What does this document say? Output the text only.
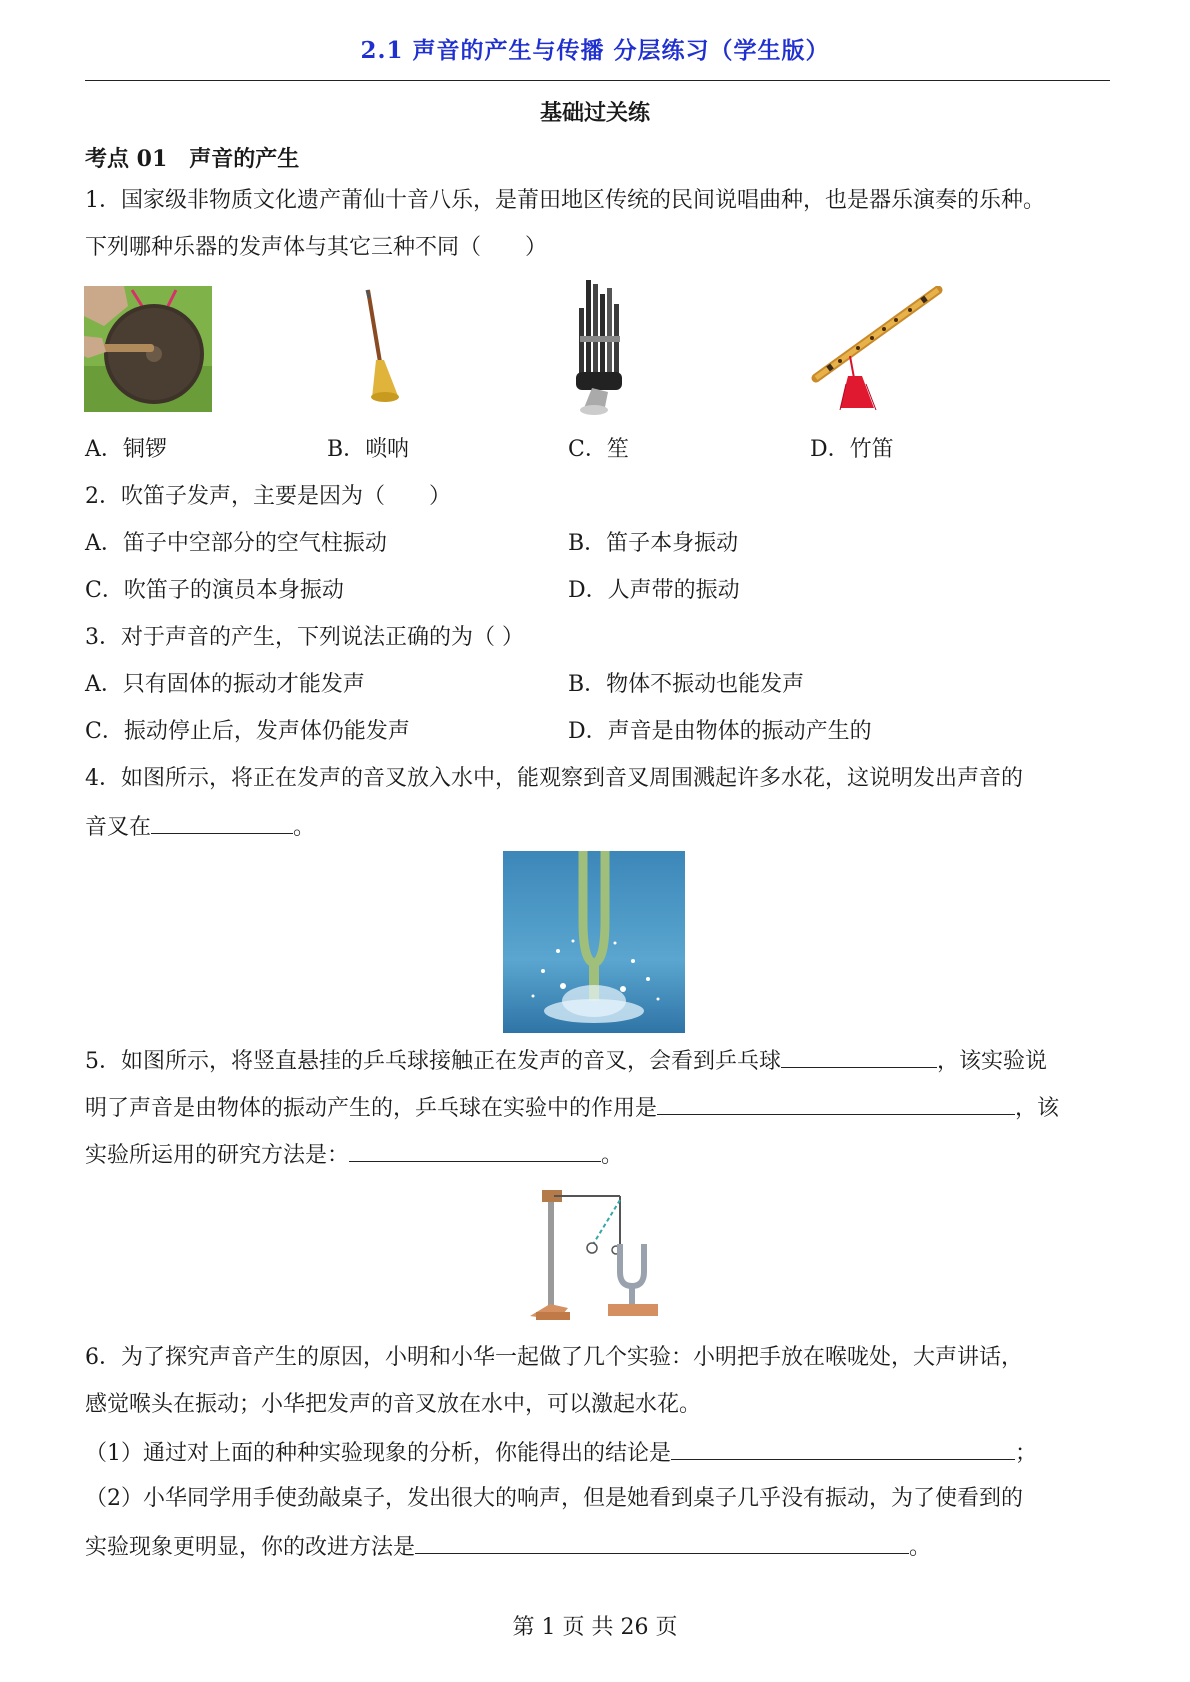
2.1 声音的产生与传播 分层练习（学生版）
基础过关练
考点 01 声音的产生
1．国家级非物质文化遗产莆仙十音八乐，是莆田地区传统的民间说唱曲种，也是器乐演奏的乐种。
下列哪种乐器的发声体与其它三种不同（　　）
A．铜锣	B．唢呐	C．笙	D．竹笛
2．吹笛子发声，主要是因为（　　）
A．笛子中空部分的空气柱振动	B．笛子本身振动
C．吹笛子的演员本身振动	D．人声带的振动
3．对于声音的产生，下列说法正确的为（ ）
A．只有固体的振动才能发声	B．物体不振动也能发声
C．振动停止后，发声体仍能发声	D．声音是由物体的振动产生的
4．如图所示，将正在发声的音叉放入水中，能观察到音叉周围溅起许多水花，这说明发出声音的
音叉在	。
5．如图所示，将竖直悬挂的乒乓球接触正在发声的音叉，会看到乒乓球	，该实验说
明了声音是由物体的振动产生的，乒乓球在实验中的作用是	，该
实验所运用的研究方法是：	。
6．为了探究声音产生的原因，小明和小华一起做了几个实验：小明把手放在喉咙处，大声讲话，
感觉喉头在振动；小华把发声的音叉放在水中，可以激起水花。
（1）通过对上面的种种实验现象的分析，你能得出的结论是	；
（2）小华同学用手使劲敲桌子，发出很大的响声，但是她看到桌子几乎没有振动，为了使看到的
实验现象更明显，你的改进方法是	。
第 1 页 共 26 页
